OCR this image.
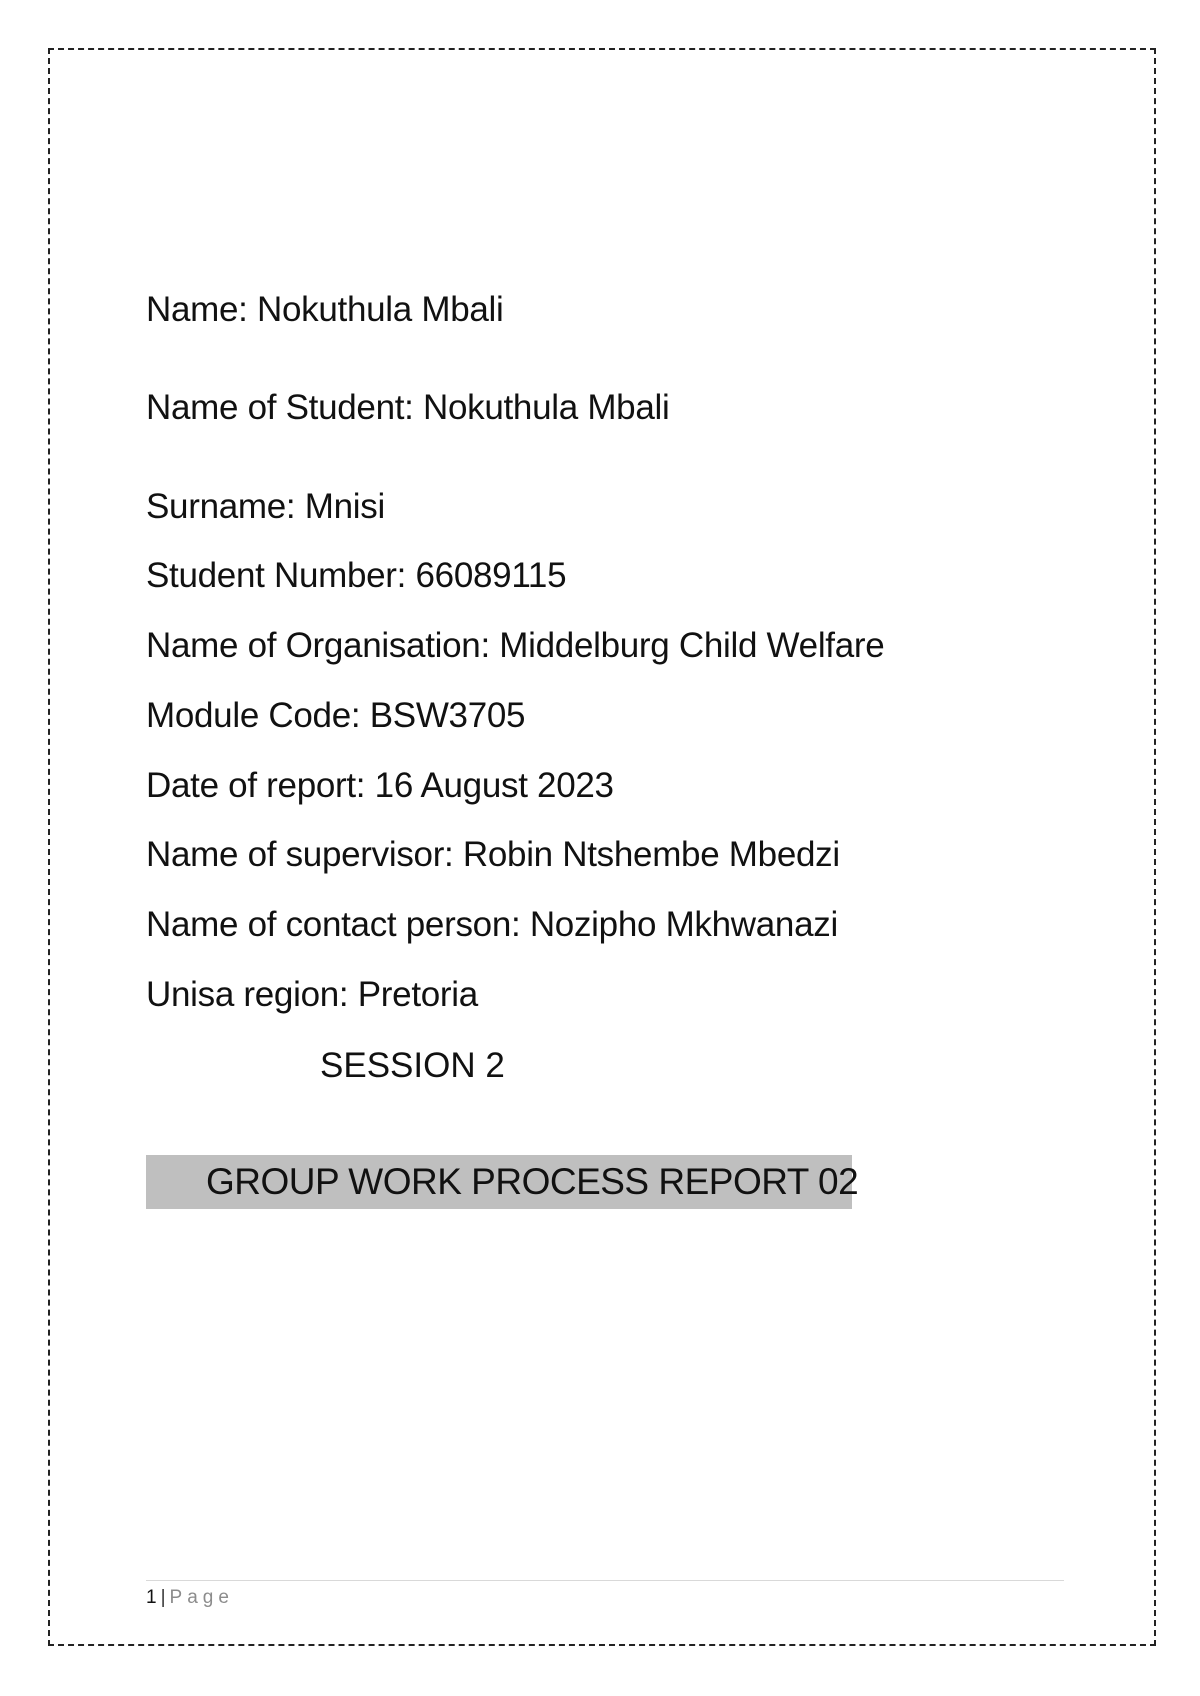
Name: Nokuthula Mbali
Name of Student: Nokuthula Mbali
Surname: Mnisi
Student Number: 66089115
Name of Organisation: Middelburg Child Welfare
Module Code: BSW3705
Date of report: 16 August 2023
Name of supervisor: Robin Ntshembe Mbedzi
Name of contact person: Nozipho Mkhwanazi
Unisa region: Pretoria
SESSION 2
GROUP WORK PROCESS REPORT 02
1 | Page
